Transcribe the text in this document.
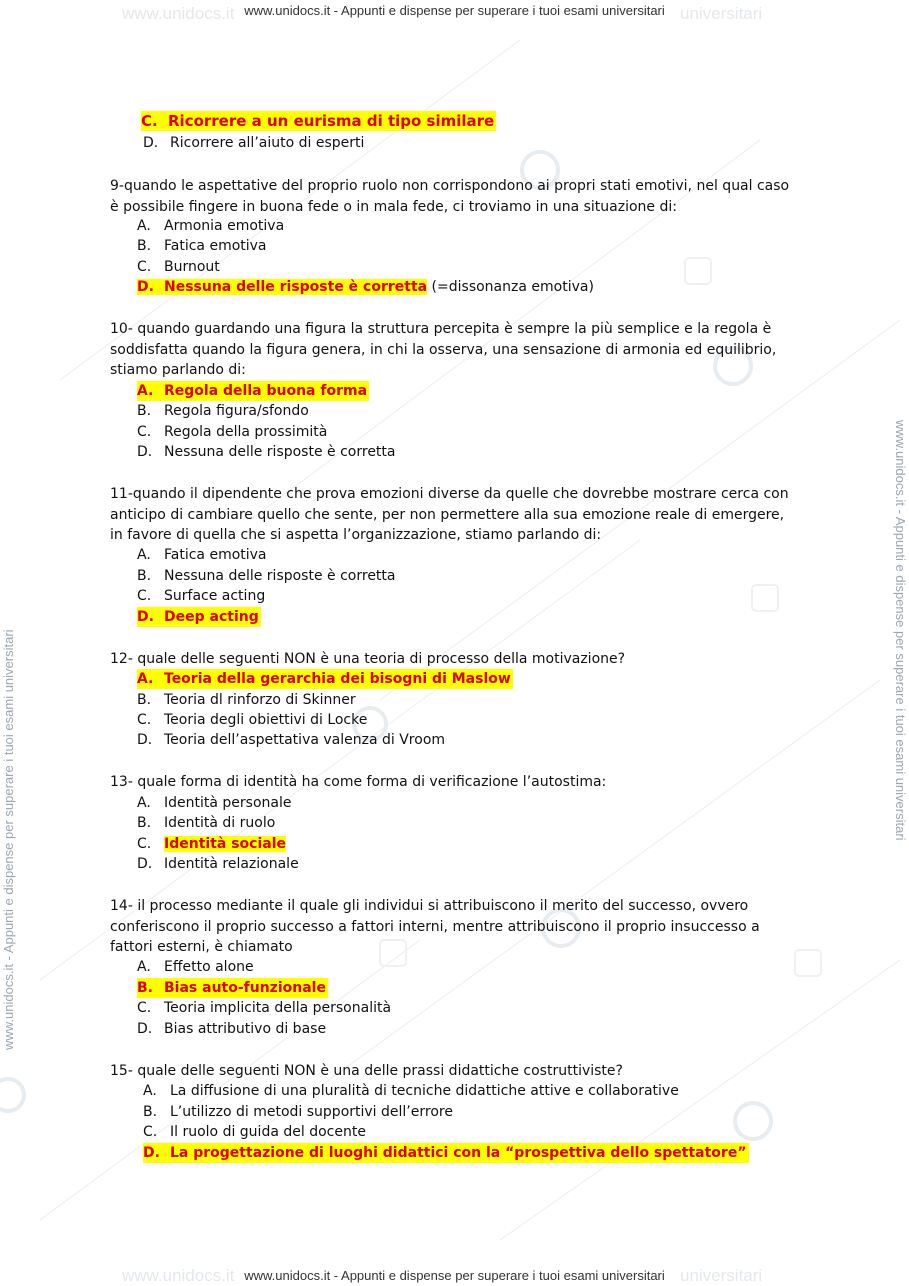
www.unidocs.it	universitari
www.unidocs.it	universitari
www.unidocs.it - Appunti e dispense per superare i tuoi esami universitari
www.unidocs.it - Appunti e dispense per superare i tuoi esami universitari
www.unidocs.it - Appunti e dispense per superare i tuoi esami universitari	www.unidocs.it - Appunti e dispense per superare i tuoi esami universitari
C. Ricorrere a un eurisma di tipo similare
D. Ricorrere all’aiuto di esperti
9-quando le aspettative del proprio ruolo non corrispondono ai propri stati emotivi, nel qual caso è possibile fingere in buona fede o in mala fede, ci troviamo in una situazione di:
A. Armonia emotiva
B. Fatica emotiva
C. Burnout
D. Nessuna delle risposte è corretta (=dissonanza emotiva)
10- quando guardando una figura la struttura percepita è sempre la più semplice e la regola è soddisfatta quando la figura genera, in chi la osserva, una sensazione di armonia ed equilibrio, stiamo parlando di:
A. Regola della buona forma
B. Regola figura/sfondo
C. Regola della prossimità
D. Nessuna delle risposte è corretta
11-quando il dipendente che prova emozioni diverse da quelle che dovrebbe mostrare cerca con anticipo di cambiare quello che sente, per non permettere alla sua emozione reale di emergere, in favore di quella che si aspetta l’organizzazione, stiamo parlando di:
A. Fatica emotiva
B. Nessuna delle risposte è corretta
C. Surface acting
D. Deep acting
12- quale delle seguenti NON è una teoria di processo della motivazione?
A. Teoria della gerarchia dei bisogni di Maslow
B. Teoria dl rinforzo di Skinner
C. Teoria degli obiettivi di Locke
D. Teoria dell’aspettativa valenza di Vroom
13- quale forma di identità ha come forma di verificazione l’autostima:
A. Identità personale
B. Identità di ruolo
C. Identità sociale
D. Identità relazionale
14- il processo mediante il quale gli individui si attribuiscono il merito del successo, ovvero conferiscono il proprio successo a fattori interni, mentre attribuiscono il proprio insuccesso a fattori esterni, è chiamato
A. Effetto alone
B. Bias auto-funzionale
C. Teoria implicita della personalità
D. Bias attributivo di base
15- quale delle seguenti NON è una delle prassi didattiche costruttiviste?
A. La diffusione di una pluralità di tecniche didattiche attive e collaborative
B. L’utilizzo di metodi supportivi dell’errore
C. Il ruolo di guida del docente
D. La progettazione di luoghi didattici con la “prospettiva dello spettatore”
